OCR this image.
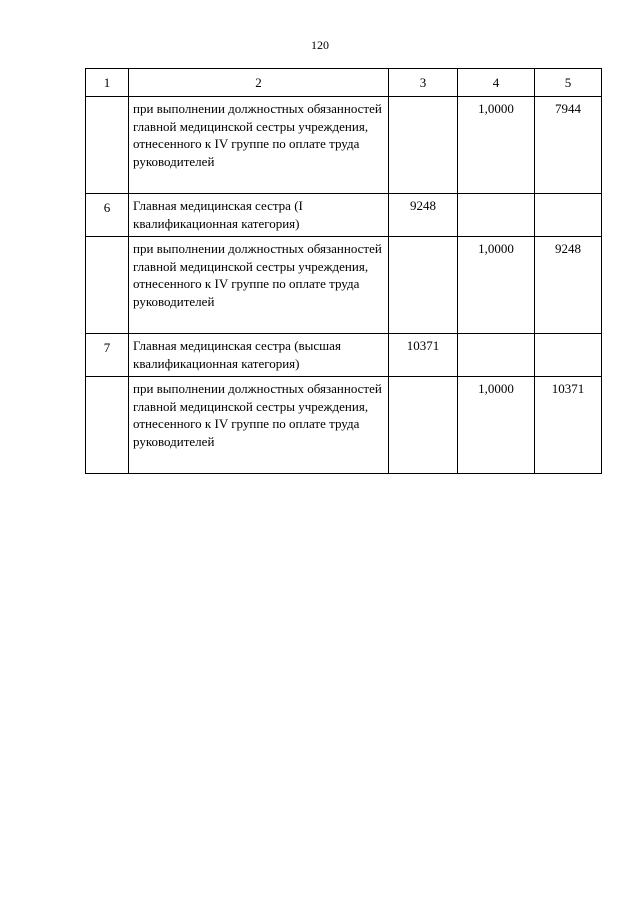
120
1	2	3	4	5
	при выполнении должностных обязанностей главной медицинской сестры учреждения, отнесенного к IV группе по оплате труда руководителей		1,0000	7944
6	Главная медицинская сестра (I квалификационная категория)	9248		
	при выполнении должностных обязанностей главной медицинской сестры учреждения, отнесенного к IV группе по оплате труда руководителей		1,0000	9248
7	Главная медицинская сестра (высшая квалификационная категория)	10371		
	при выполнении должностных обязанностей главной медицинской сестры учреждения, отнесенного к IV группе по оплате труда руководителей		1,0000	10371
